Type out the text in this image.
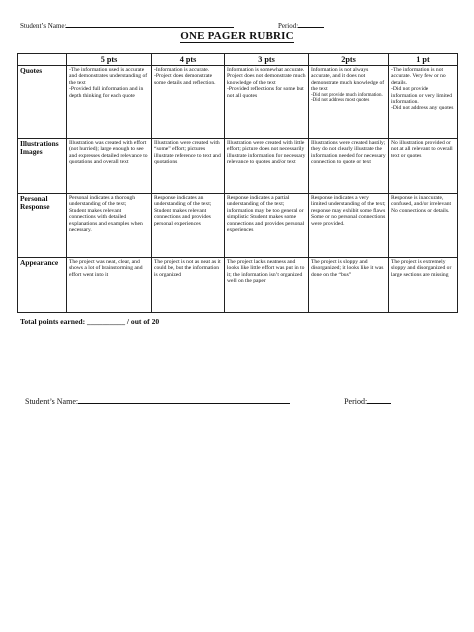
Student’s Name:	Period:
ONE PAGER RUBRIC
	5 pts	4 pts	3 pts	2pts	1 pt
Quotes	-The information used is accurate and demonstrates understanding of the text
-Provided full information and in depth thinking for each quote	-Information is accurate.
-Project does demonstrate some details and reflection.	Information is somewhat accurate. Project does not demonstrate much knowledge of the text
-Provided reflections for some but not all quotes	Information is not always accurate, and it does not demonstrate much knowledge of the text
-Did not provide much information.
-Did not address most quotes	-The information is not accurate. Very few or no details.
-Did not provide information or very limited information.
-Did not address any quotes

Illustrations Images	Illustration was created with effort (not hurried); large enough to see and expresses detailed relevance to quotations and overall text	Illustration were created with “some” effort; pictures illustrate reference to text and quotations	Illustration were created with little effort; picture does not necessarily illustrate information for necessary relevance to quotes and/or text	Illustrations were created hastily; they do not clearly illustrate the information needed for necessary connection to quote or text	No illustration provided or not at all relevant to overall text or quotes

Personal Response	Personal indicates a thorough understanding of the text;
Student makes relevant connections with detailed explanations and examples when necessary.	Response indicates an understanding of the text;
Student makes relevant connections and provides personal experiences	Response indicates a partial understanding of the text; information may be too general or simplistic Student makes some connections and provides personal experiences	Response indicates a very limited understanding of the text; response may exhibit some flaws
Some or no personal connections were provided.	Response is inaccurate, confused, and/or irrelevant
No connections or details.

Appearance	The project was neat, clear, and shows a lot of brainstorming and effort went into it	The project is not as neat as it could be, but the information is organized	The project lacks neatness and looks like little effort was put in to it; the information isn’t organized well on the paper	The project is sloppy and disorganized; it looks like it was done on the “bus”	The project is extremely sloppy and disorganized or large sections are missing
Total points earned: __________ / out of 20
Student’s Name:	Period:
